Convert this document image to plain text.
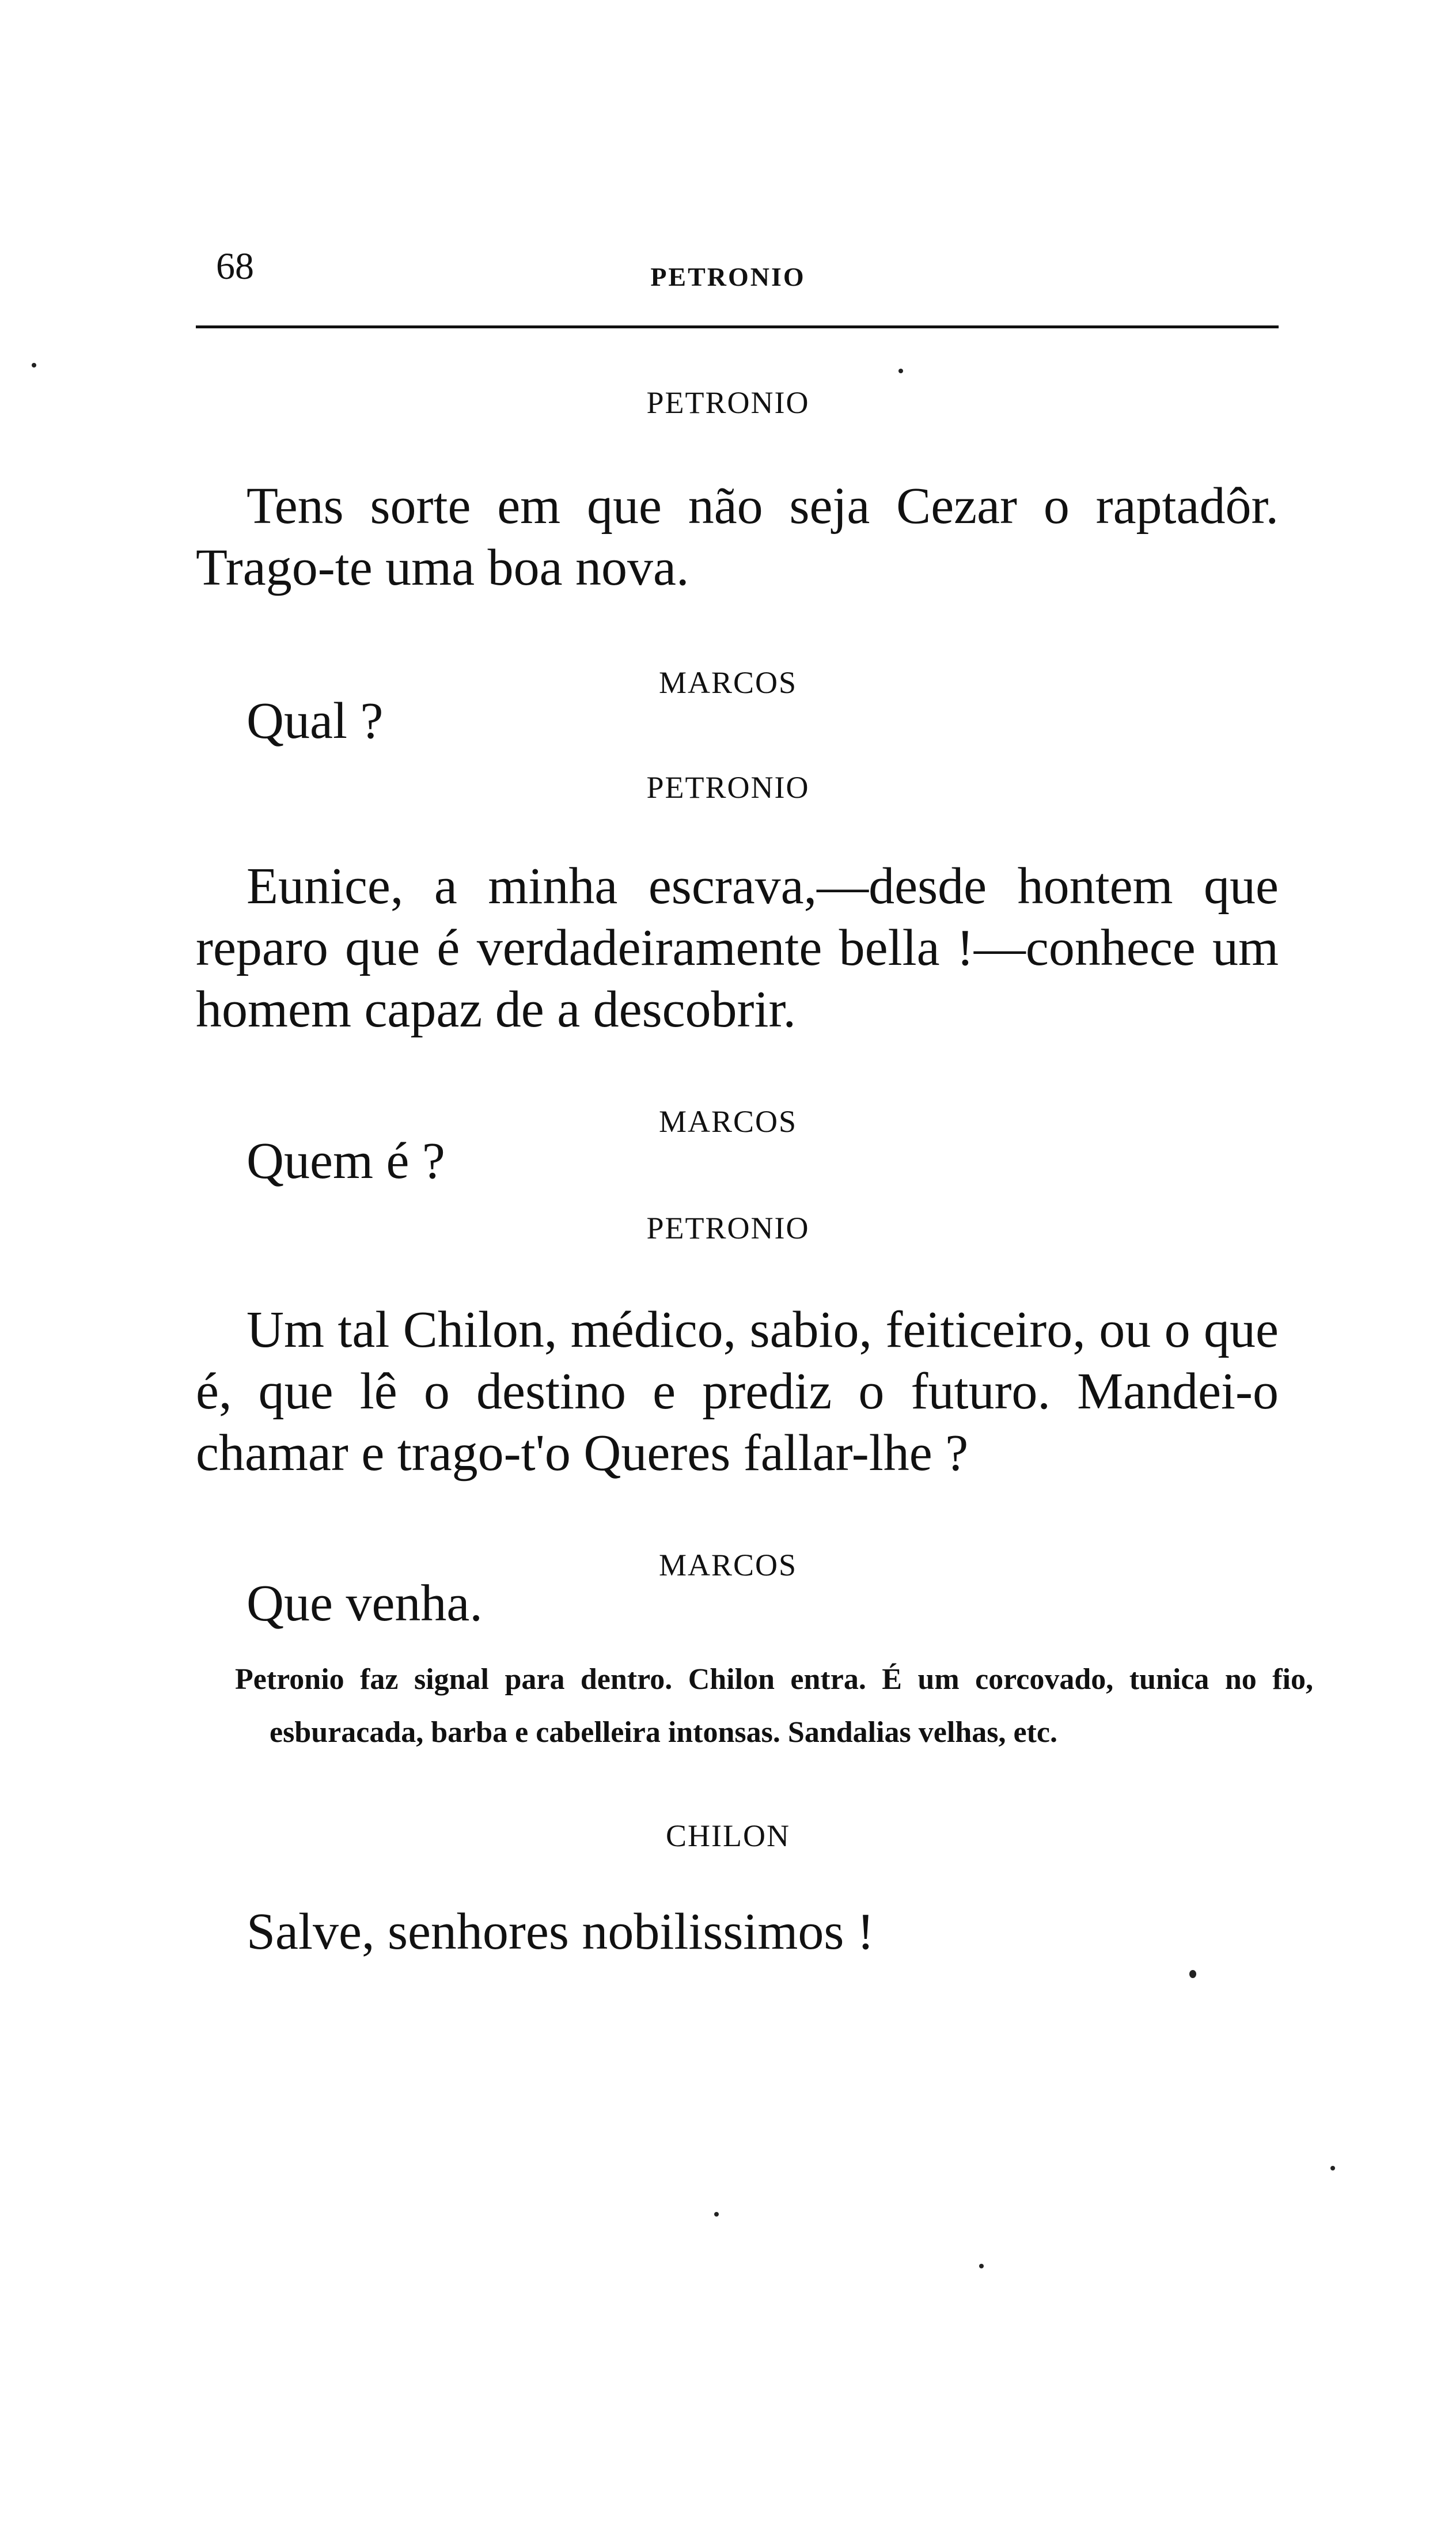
68	PETRONIO
PETRONIO

Tens sorte em que não seja Cezar o raptadôr. Trago-te uma boa nova.

MARCOS

Qual ?

PETRONIO

Eunice, a minha escrava,—desde hontem que reparo que é verdadeiramente bella !—conhece um homem capaz de a descobrir.

MARCOS

Quem é ?

PETRONIO

Um tal Chilon, médico, sabio, feiticeiro, ou o que é, que lê o destino e prediz o futuro. Mandei-o chamar e trago-t'o Queres fallar-lhe ?

MARCOS

Que venha.

Petronio faz signal para dentro. Chilon entra. É um corcovado, tunica no fio, esburacada, barba e cabelleira intonsas. Sandalias velhas, etc.

CHILON

Salve, senhores nobilissimos !
